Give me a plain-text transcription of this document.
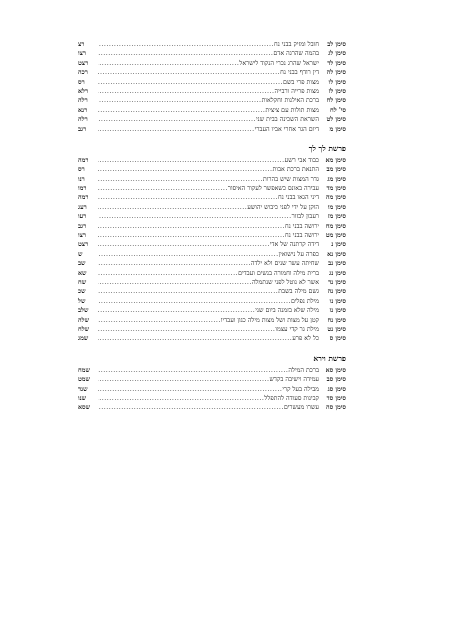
סימן לב
חובל ומזיק בבני נח
.....
רצ
סימן לג
בהמה שהרגה אדם
.....
רצו
סימן לד
ישראל שהרג נכרי הנקוד לישראל
.....
רצט
סימן לה
דין רודף בבני נח
.....
רכה
סימן לו
מצות פרי בשם
.....
רס
סימן לז
מצות פרייה ורבייה
.....
רלא
סימן לח
ברכת האילנות וחקלאות
.....
רלה
סי' לח
מצות תולות עם ציצית
.....
רנא
סימן לט
השראת השכינה בבית שני
.....
רלה
סימן מ
דיום הגר אחרי אביו העברי
.....
רגב
פרשת לך לך
סימן מא
כבוד אבי רשע
.....
רמה
סימן מב
התנאת ברכת אבות
.....
רס
סימן מג
גדר המצות שיש בהרות
.....
רנו
סימן מד
עבירה באונס כשאפשר לעקור האיסור
.....
רמו
סימן מה
דיני הגאו בבני נח
.....
רמה
סימן מו
הוקן על ידי לפני כיבוש יהושע
.....
רעג
סימן מז
רעבון לבזור
.....
רעו
סימן מח
ירושה בבני נח
.....
רגב
סימן מט
ירושה בבני נח
.....
רצו
סימן נ
דידה קרתנה של אדי
.....
רצט
סימן נא
כפרה על נישואין
.....
ש
סימן נב
שחיתה עשר שנים ולא ילדה
.....
שב
סימן נג
ברית מילה וחמורה בנשים ועבדים
.....
שא
סימן נד
אשר לא נוטל לפני שנתמלה
.....
שח
סימן נה
גשם מילה בשבת
.....
שכ
סימן נו
מילת נפלים
.....
של
סימן נז
מילה שלא בזמנה ביום שני
.....
שלב
סימן נח
קטן על מצות ושל מצות מילה כגון ועבדיו
.....
שלה
סימן נט
מילת גר קדי עצמו
.....
שלח
סימן ס
כל לא פרע
.....
שמג
פרשת וירא
סימן סא
ברכת המילה
.....
שמח
סימן סב
עמידה וישיבה בקדש
.....
שמט
סימן סג
מבילה בעל קרי
.....
שנד
סימן סד
קבינות סעודה להתפלל
.....
שנו
סימן סה
עשרו מעשרים
.....
שסא
